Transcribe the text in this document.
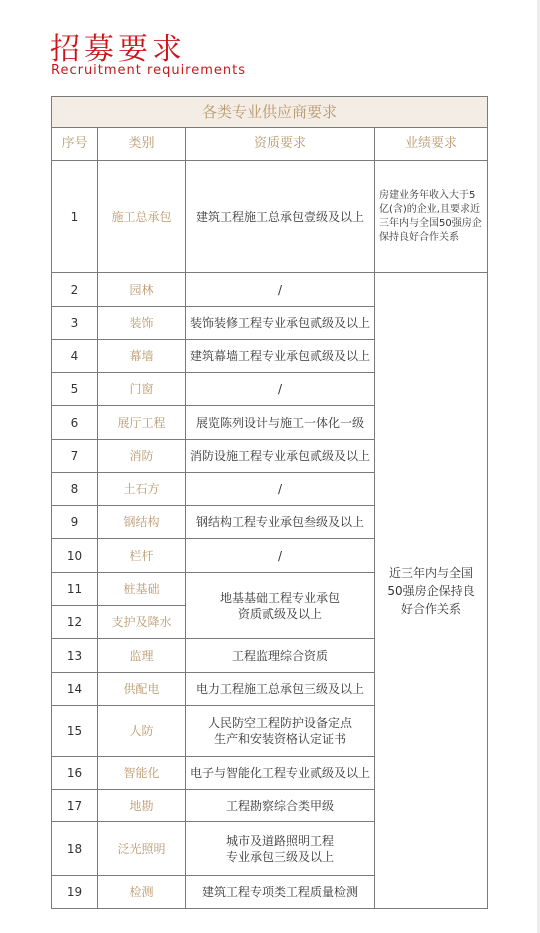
招募要求
Recruitment requirements
各类专业供应商要求			
序号	类别	资质要求	业绩要求
1	施工总承包	建筑工程施工总承包壹级及以上	房建业务年收入大于5亿(含)的企业,且要求近三年内与全国50强房企保持良好合作关系
2	园林	/	近三年内与全国50强房企保持良好合作关系
3	装饰	装饰装修工程专业承包贰级及以上	
4	幕墙	建筑幕墙工程专业承包贰级及以上	
5	门窗	/	
6	展厅工程	展览陈列设计与施工一体化一级	
7	消防	消防设施工程专业承包贰级及以上	
8	土石方	/	
9	钢结构	钢结构工程专业承包叁级及以上	
10	栏杆	/	
11	桩基础	地基基础工程专业承包资质贰级及以上	
12	支护及降水		
13	监理	工程监理综合资质	
14	供配电	电力工程施工总承包三级及以上	
15	人防	人民防空工程防护设备定点生产和安装资格认定证书	
16	智能化	电子与智能化工程专业贰级及以上	
17	地勘	工程勘察综合类甲级	
18	泛光照明	城市及道路照明工程专业承包三级及以上	
19	检测	建筑工程专项类工程质量检测	
